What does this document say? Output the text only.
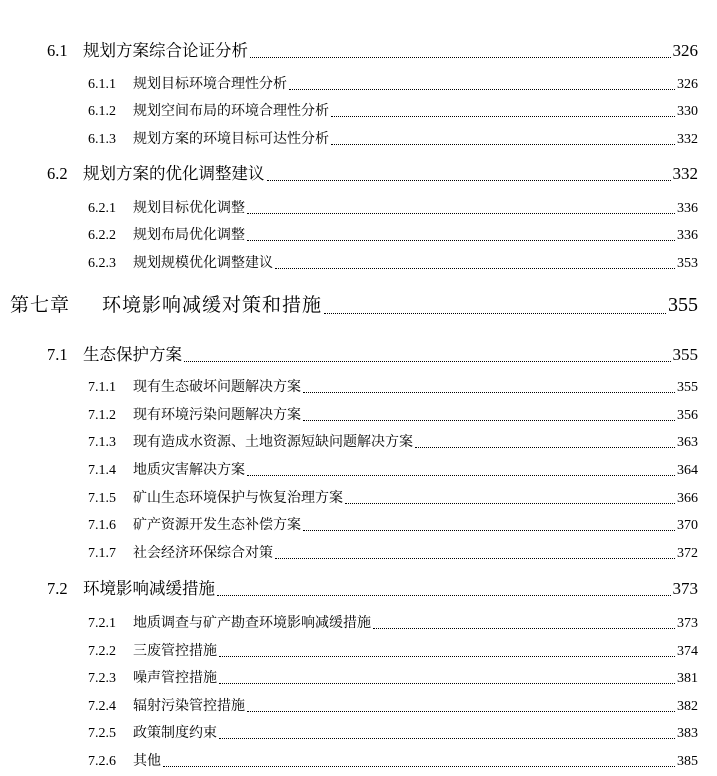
6.1 规划方案综合论证分析	326
6.1.1	规划目标环境合理性分析	326
6.1.2	规划空间布局的环境合理性分析	330
6.1.3	规划方案的环境目标可达性分析	332
6.2 规划方案的优化调整建议	332
6.2.1	规划目标优化调整	336
6.2.2	规划布局优化调整	336
6.2.3	规划规模优化调整建议	353
第七章	环境影响减缓对策和措施	355
7.1 生态保护方案	355
7.1.1	现有生态破坏问题解决方案	355
7.1.2	现有环境污染问题解决方案	356
7.1.3	现有造成水资源、土地资源短缺问题解决方案	363
7.1.4	地质灾害解决方案	364
7.1.5	矿山生态环境保护与恢复治理方案	366
7.1.6	矿产资源开发生态补偿方案	370
7.1.7	社会经济环保综合对策	372
7.2 环境影响减缓措施	373
7.2.1	地质调查与矿产勘查环境影响减缓措施	373
7.2.2	三废管控措施	374
7.2.3	噪声管控措施	381
7.2.4	辐射污染管控措施	382
7.2.5	政策制度约束	383
7.2.6	其他	385
